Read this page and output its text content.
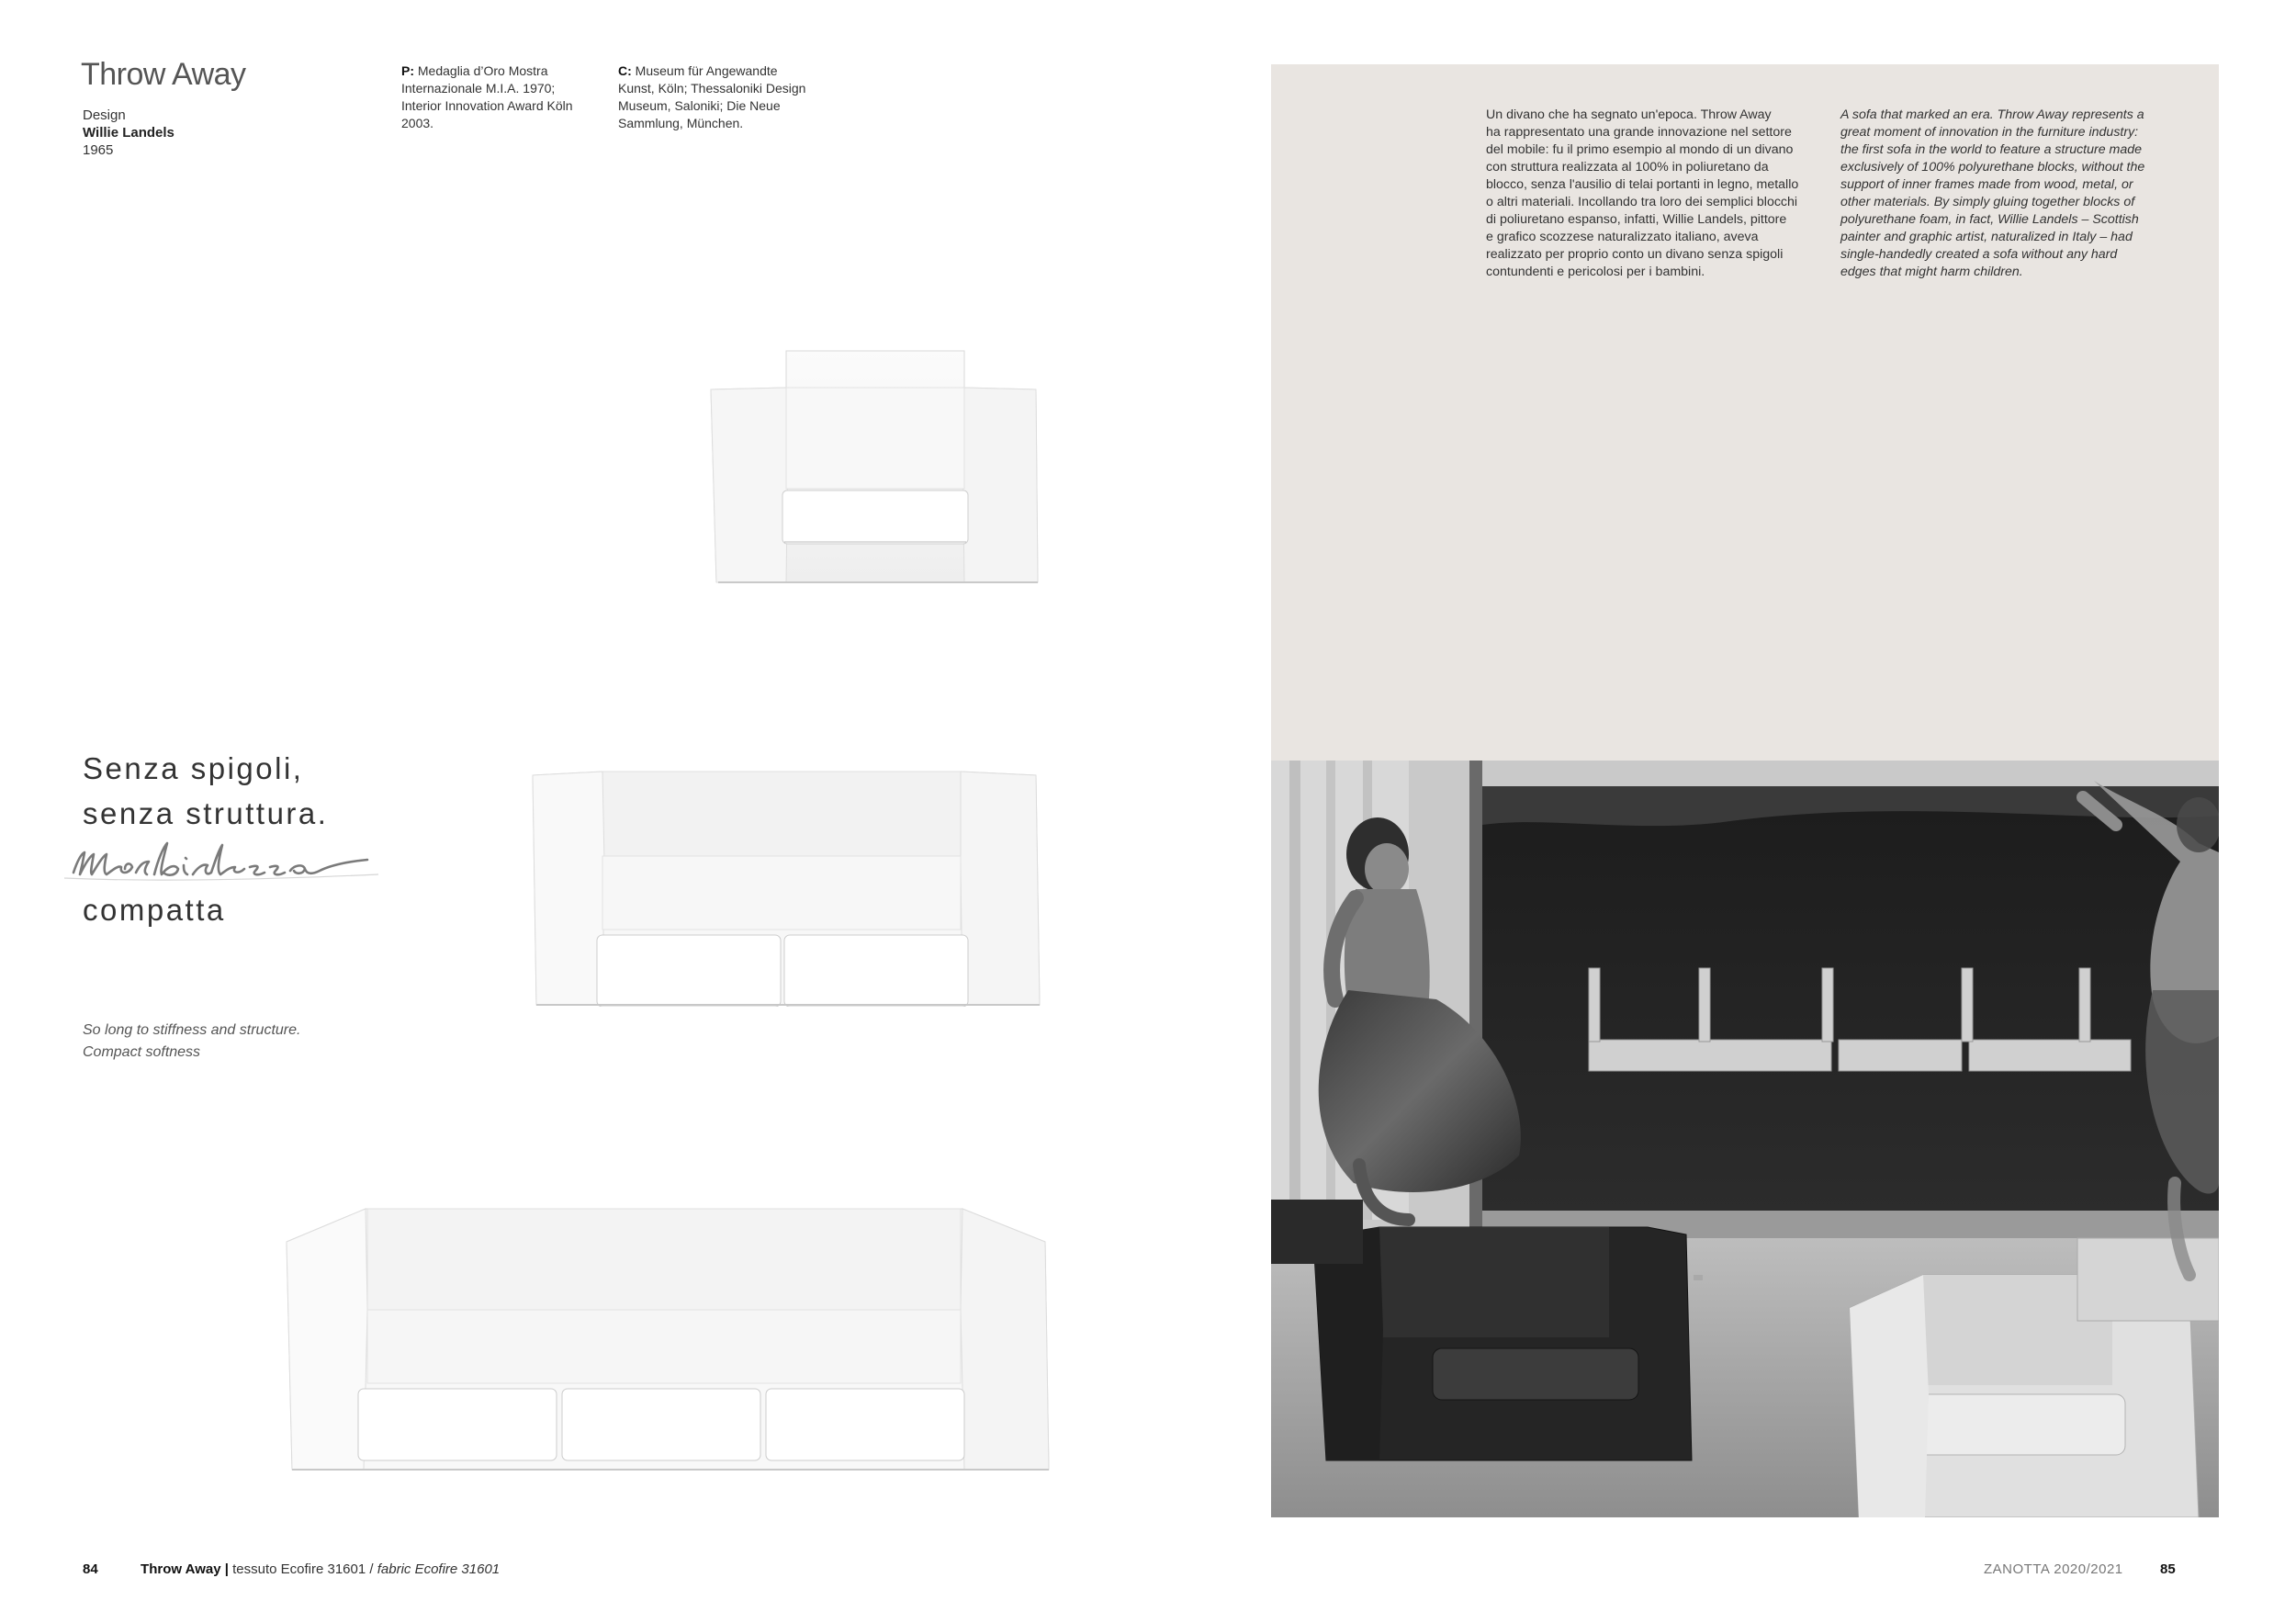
Throw Away
Design
Willie Landels
1965
P: Medaglia d’Oro Mostra
Internazionale M.I.A. 1970;
Interior Innovation Award Köln
2003.
C: Museum für Angewandte
Kunst, Köln; Thessaloniki Design
Museum, Saloniki; Die Neue
Sammlung, München.
Senza spigoli,
senza struttura.
compatta
So long to stiffness and structure.
Compact softness
Un divano che ha segnato un'epoca. Throw Away
ha rappresentato una grande innovazione nel settore
del mobile: fu il primo esempio al mondo di un divano
con struttura realizzata al 100% in poliuretano da
blocco, senza l'ausilio di telai portanti in legno, metallo
o altri materiali. Incollando tra loro dei semplici blocchi
di poliuretano espanso, infatti, Willie Landels, pittore
e grafico scozzese naturalizzato italiano, aveva
realizzato per proprio conto un divano senza spigoli
contundenti e pericolosi per i bambini.
A sofa that marked an era. Throw Away represents a
great moment of innovation in the furniture industry:
the first sofa in the world to feature a structure made
exclusively of 100% polyurethane blocks, without the
support of inner frames made from wood, metal, or
other materials. By simply gluing together blocks of
polyurethane foam, in fact, Willie Landels – Scottish
painter and graphic artist, naturalized in Italy – had
single-handedly created a sofa without any hard
edges that might harm children.
84	Throw Away | tessuto Ecofire 31601 / fabric Ecofire 31601	ZANOTTA 2020/2021	85
